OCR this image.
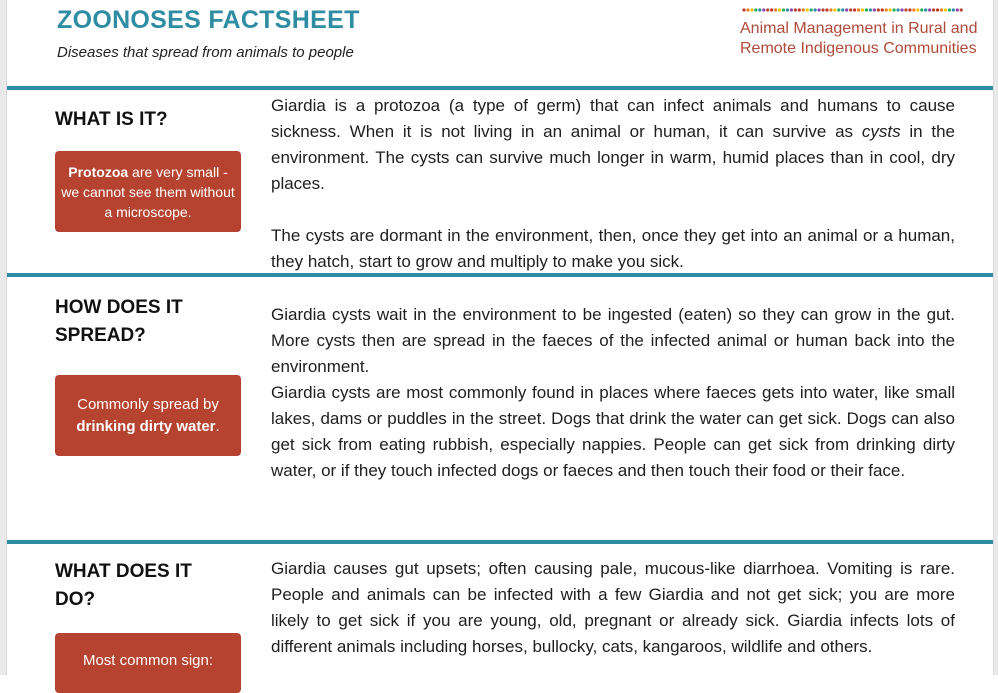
ZOONOSES FACTSHEET
Diseases that spread from animals to people
Animal Management in Rural and
Remote Indigenous Communities
WHAT IS IT?
Protozoa are very small - we cannot see them without a microscope.

Giardia is a protozoa (a type of germ) that can infect animals and humans to cause sickness. When it is not living in an animal or human, it can survive as cysts in the environment. The cysts can survive much longer in warm, humid places than in cool, dry places.

The cysts are dormant in the environment, then, once they get into an animal or a human, they hatch, start to grow and multiply to make you sick.

HOW DOES IT SPREAD?
Commonly spread by drinking dirty water.

Giardia cysts wait in the environment to be ingested (eaten) so they can grow in the gut. More cysts then are spread in the faeces of the infected animal or human back into the environment.

Giardia cysts are most commonly found in places where faeces gets into water, like small lakes, dams or puddles in the street. Dogs that drink the water can get sick. Dogs can also get sick from eating rubbish, especially nappies. People can get sick from drinking dirty water, or if they touch infected dogs or faeces and then touch their food or their face.

WHAT DOES IT DO?
Most common sign:

Giardia causes gut upsets; often causing pale, mucous-like diarrhoea. Vomiting is rare. People and animals can be infected with a few Giardia and not get sick; you are more likely to get sick if you are young, old, pregnant or already sick. Giardia infects lots of different animals including horses, bullocky, cats, kangaroos, wildlife and others.
